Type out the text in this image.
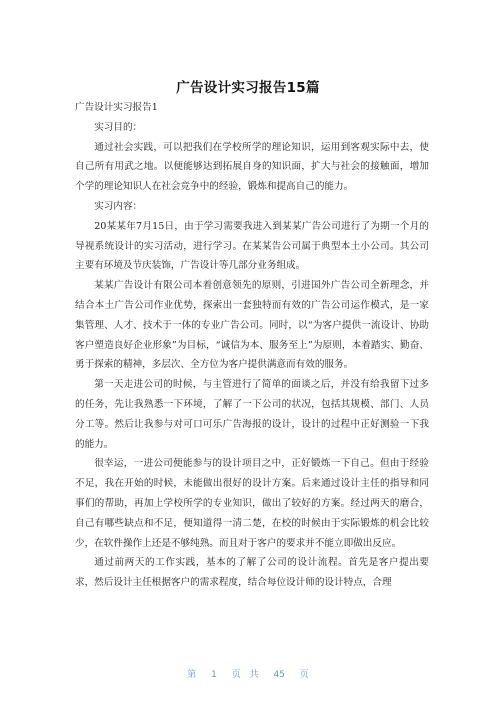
广告设计实习报告15篇

广告设计实习报告1

实习目的：

通过社会实践，可以把我们在学校所学的理论知识，运用到客观实际中去，使自己所有用武之地。以便能够达到拓展自身的知识面，扩大与社会的接触面，增加个学的理论知识人在社会竞争中的经验，锻炼和提高自己的能力。

实习内容：

20某某年7月15日，由于学习需要我进入到某某广告公司进行了为期一个月的导视系统设计的实习活动，进行学习。在某某告公司属于典型本土小公司。其公司主要有环境及节庆装饰，广告设计等几部分业务组成。

某某广告设计有限公司本着创意领先的原则，引进国外广告公司全新理念，并结合本土广告公司作业优势，探索出一套独特而有效的广告公司运作模式，是一家集管理、人才、技术于一体的专业广告公司。同时，以“为客户提供一流设计、协助客户塑造良好企业形象”为目标，“诚信为本、服务至上”为原则，本着踏实、勤奋、勇于探索的精神，多层次、全方位为客户提供满意而有效的服务。

第一天走进公司的时候，与主管进行了简单的面谈之后，并没有给我留下过多的任务，先让我熟悉一下环境，了解了一下公司的状况，包括其规模、部门、人员分工等。然后让我参与对可口可乐广告海报的设计，设计的过程中正好测验一下我的能力。

很幸运，一进公司便能参与的设计项目之中，正好锻炼一下自己。但由于经验不足，我在开始的时候，未能做出很好的设计方案。后来通过设计主任的指导和同事们的帮助，再加上学校所学的专业知识，做出了较好的方案。经过两天的磨合，自己有哪些缺点和不足，便知道得一清二楚，在校的时候由于实际锻炼的机会比较少，在软件操作上还是不够纯熟。而且对于客户的要求并不能立即做出反应。

通过前两天的工作实践，基本的了解了公司的设计流程。首先是客户提出要求，然后设计主任根据客户的需求程度，结合每位设计师的设计特点，合理

第 1 页 共 45 页
